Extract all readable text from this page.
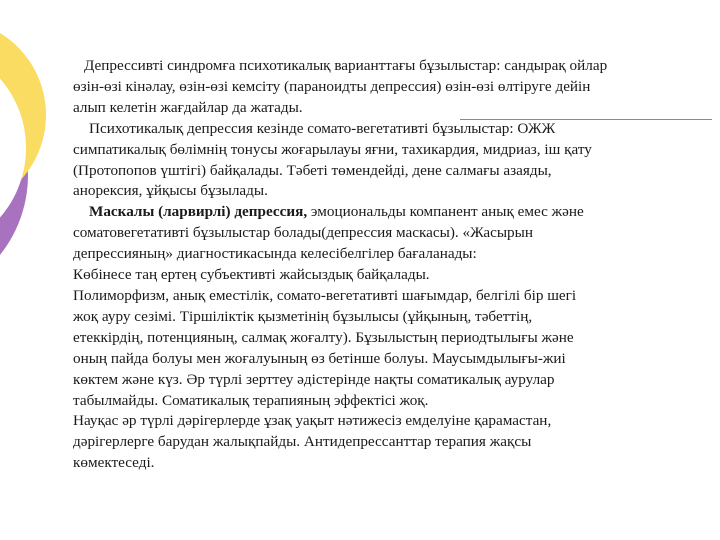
Депрессивті синдромға психотикалық варианттағы бұзылыстар: сандырақ ойлар

өзін-өзі кінәлау, өзін-өзі кемсіту (параноидты депрессия) өзін-өзі өлтіруге дейін

алып келетін жағдайлар да жатады.

Психотикалық депрессия кезінде сомато-вегетативті бұзылыстар: ОЖЖ

симпатикалық бөлімнің тонусы жоғарылауы яғни, тахикардия, мидриаз, іш қату

(Протопопов үштігі) байқалады. Тәбеті төмендейді, дене салмағы азаяды,

анорексия, ұйқысы бұзылады.

Маскалы (ларвирлі) депрессия, эмоциональды компанент анық емес және

соматовегетативті бұзылыстар болады(депрессия маскасы). «Жасырын

депрессияның» диагностикасында келесібелгілер бағаланады:

Көбінесе таң ертең субъективті жайсыздық байқалады.

Полиморфизм, анық еместілік, сомато-вегетативті шағымдар, белгілі бір шегі

жоқ ауру сезімі. Тіршіліктік қызметінің бұзылысы (ұйқының, тәбеттің,

етеккірдің, потенцияның, салмақ жоғалту). Бұзылыстың периодтылығы және

оның пайда болуы мен жоғалуының өз бетінше болуы. Маусымдылығы-жиі

көктем және күз. Әр түрлі зерттеу әдістерінде нақты соматикалық аурулар

табылмайды. Соматикалық терапияның эффектісі жоқ.

Науқас әр түрлі дәрігерлерде ұзақ уақыт нәтижесіз емделуіне қарамастан,

дәрігерлерге барудан жалықпайды. Антидепрессанттар терапия жақсы

көмектеседі.
